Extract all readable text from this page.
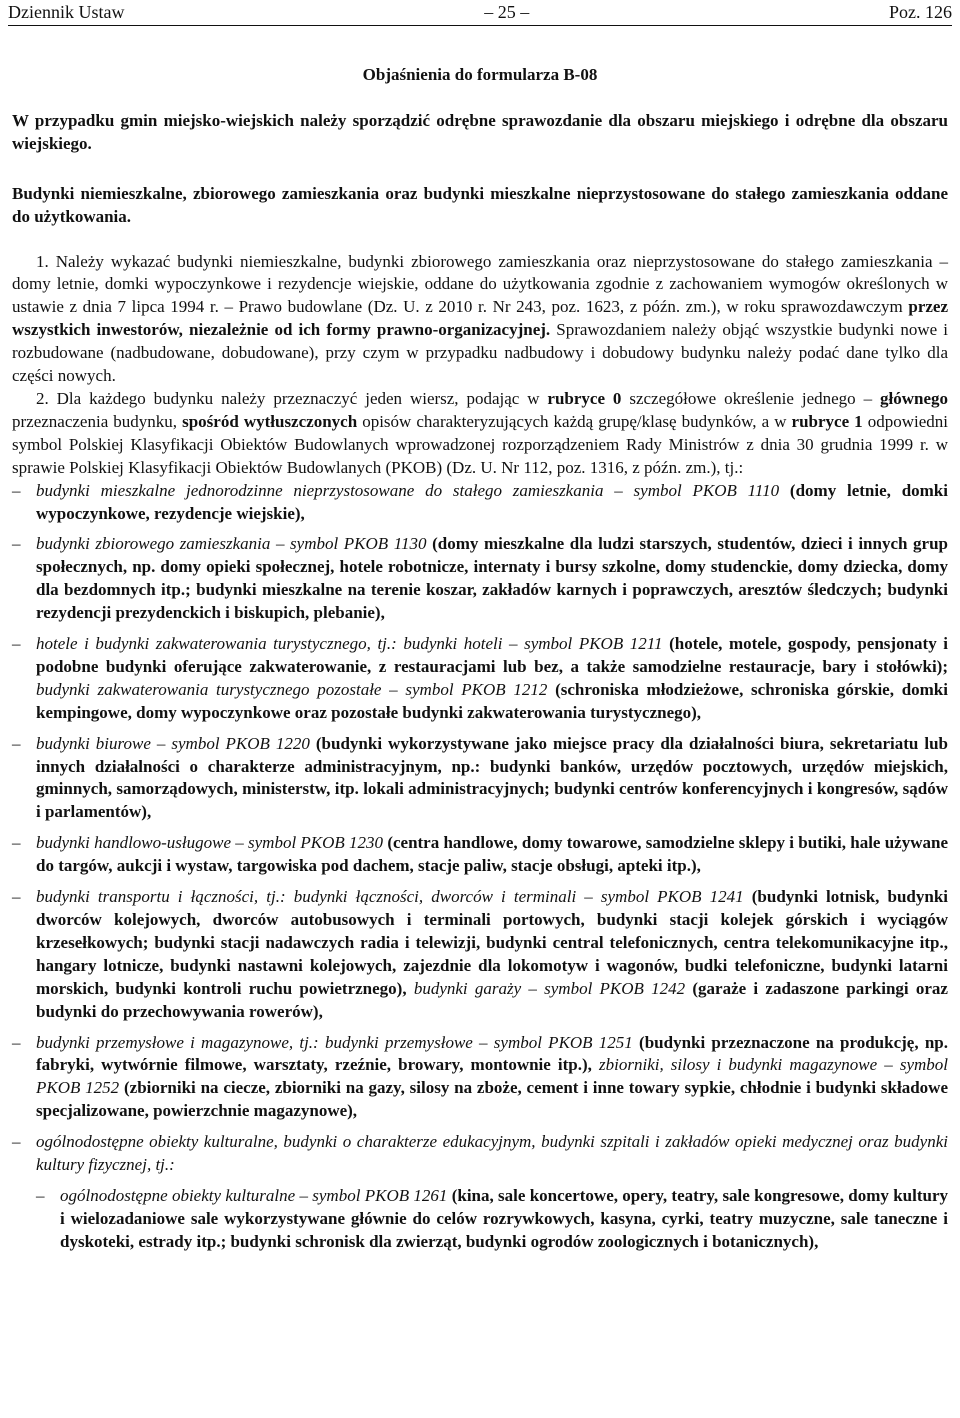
Dziennik Ustaw	– 25 –	Poz. 126
Objaśnienia do formularza B-08

W przypadku gmin miejsko-wiejskich należy sporządzić odrębne sprawozdanie dla obszaru miejskiego i odrębne dla obszaru wiejskiego.

Budynki niemieszkalne, zbiorowego zamieszkania oraz budynki mieszkalne nieprzystosowane do stałego zamieszkania oddane do użytkowania.

1. Należy wykazać budynki niemieszkalne, budynki zbiorowego zamieszkania oraz nieprzystosowane do stałego zamieszkania – domy letnie, domki wypoczynkowe i rezydencje wiejskie, oddane do użytkowania zgodnie z zachowaniem wymogów określonych w ustawie z dnia 7 lipca 1994 r. – Prawo budowlane (Dz. U. z 2010 r. Nr 243, poz. 1623, z późn. zm.), w roku sprawozdawczym przez wszystkich inwestorów, niezależnie od ich formy prawno-organizacyjnej. Sprawozdaniem należy objąć wszystkie budynki nowe i rozbudowane (nadbudowane, dobudowane), przy czym w przypadku nadbudowy i dobudowy budynku należy podać dane tylko dla części nowych.

2. Dla każdego budynku należy przeznaczyć jeden wiersz, podając w rubryce 0 szczegółowe określenie jednego – głównego przeznaczenia budynku, spośród wytłuszczonych opisów charakteryzujących każdą grupę/klasę budynków, a w rubryce 1 odpowiedni symbol Polskiej Klasyfikacji Obiektów Budowlanych wprowadzonej rozporządzeniem Rady Ministrów z dnia 30 grudnia 1999 r. w sprawie Polskiej Klasyfikacji Obiektów Budowlanych (PKOB) (Dz. U. Nr 112, poz. 1316, z późn. zm.), tj.:

– budynki mieszkalne jednorodzinne nieprzystosowane do stałego zamieszkania – symbol PKOB 1110 (domy letnie, domki wypoczynkowe, rezydencje wiejskie),
– budynki zbiorowego zamieszkania – symbol PKOB 1130 (domy mieszkalne dla ludzi starszych, studentów, dzieci i innych grup społecznych, np. domy opieki społecznej, hotele robotnicze, internaty i bursy szkolne, domy studenckie, domy dziecka, domy dla bezdomnych itp.; budynki mieszkalne na terenie koszar, zakładów karnych i poprawczych, aresztów śledczych; budynki rezydencji prezydenckich i biskupich, plebanie),
– hotele i budynki zakwaterowania turystycznego, tj.: budynki hoteli – symbol PKOB 1211 (hotele, motele, gospody, pensjonaty i podobne budynki oferujące zakwaterowanie, z restauracjami lub bez, a także samodzielne restauracje, bary i stołówki); budynki zakwaterowania turystycznego pozostałe – symbol PKOB 1212 (schroniska młodzieżowe, schroniska górskie, domki kempingowe, domy wypoczynkowe oraz pozostałe budynki zakwaterowania turystycznego),
– budynki biurowe – symbol PKOB 1220 (budynki wykorzystywane jako miejsce pracy dla działalności biura, sekretariatu lub innych działalności o charakterze administracyjnym, np.: budynki banków, urzędów pocztowych, urzędów miejskich, gminnych, samorządowych, ministerstw, itp. lokali administracyjnych; budynki centrów konferencyjnych i kongresów, sądów i parlamentów),
– budynki handlowo-usługowe – symbol PKOB 1230 (centra handlowe, domy towarowe, samodzielne sklepy i butiki, hale używane do targów, aukcji i wystaw, targowiska pod dachem, stacje paliw, stacje obsługi, apteki itp.),
– budynki transportu i łączności, tj.: budynki łączności, dworców i terminali – symbol PKOB 1241 (budynki lotnisk, budynki dworców kolejowych, dworców autobusowych i terminali portowych, budynki stacji kolejek górskich i wyciągów krzesełkowych; budynki stacji nadawczych radia i telewizji, budynki central telefonicznych, centra telekomunikacyjne itp., hangary lotnicze, budynki nastawni kolejowych, zajezdnie dla lokomotyw i wagonów, budki telefoniczne, budynki latarni morskich, budynki kontroli ruchu powietrznego), budynki garaży – symbol PKOB 1242 (garaże i zadaszone parkingi oraz budynki do przechowywania rowerów),
– budynki przemysłowe i magazynowe, tj.: budynki przemysłowe – symbol PKOB 1251 (budynki przeznaczone na produkcję, np. fabryki, wytwórnie filmowe, warsztaty, rzeźnie, browary, montownie itp.), zbiorniki, silosy i budynki magazynowe – symbol PKOB 1252 (zbiorniki na ciecze, zbiorniki na gazy, silosy na zboże, cement i inne towary sypkie, chłodnie i budynki składowe specjalizowane, powierzchnie magazynowe),
– ogólnodostępne obiekty kulturalne, budynki o charakterze edukacyjnym, budynki szpitali i zakładów opieki medycznej oraz budynki kultury fizycznej, tj.:
– ogólnodostępne obiekty kulturalne – symbol PKOB 1261 (kina, sale koncertowe, opery, teatry, sale kongresowe, domy kultury i wielozadaniowe sale wykorzystywane głównie do celów rozrywkowych, kasyna, cyrki, teatry muzyczne, sale taneczne i dyskoteki, estrady itp.; budynki schronisk dla zwierząt, budynki ogrodów zoologicznych i botanicznych),
